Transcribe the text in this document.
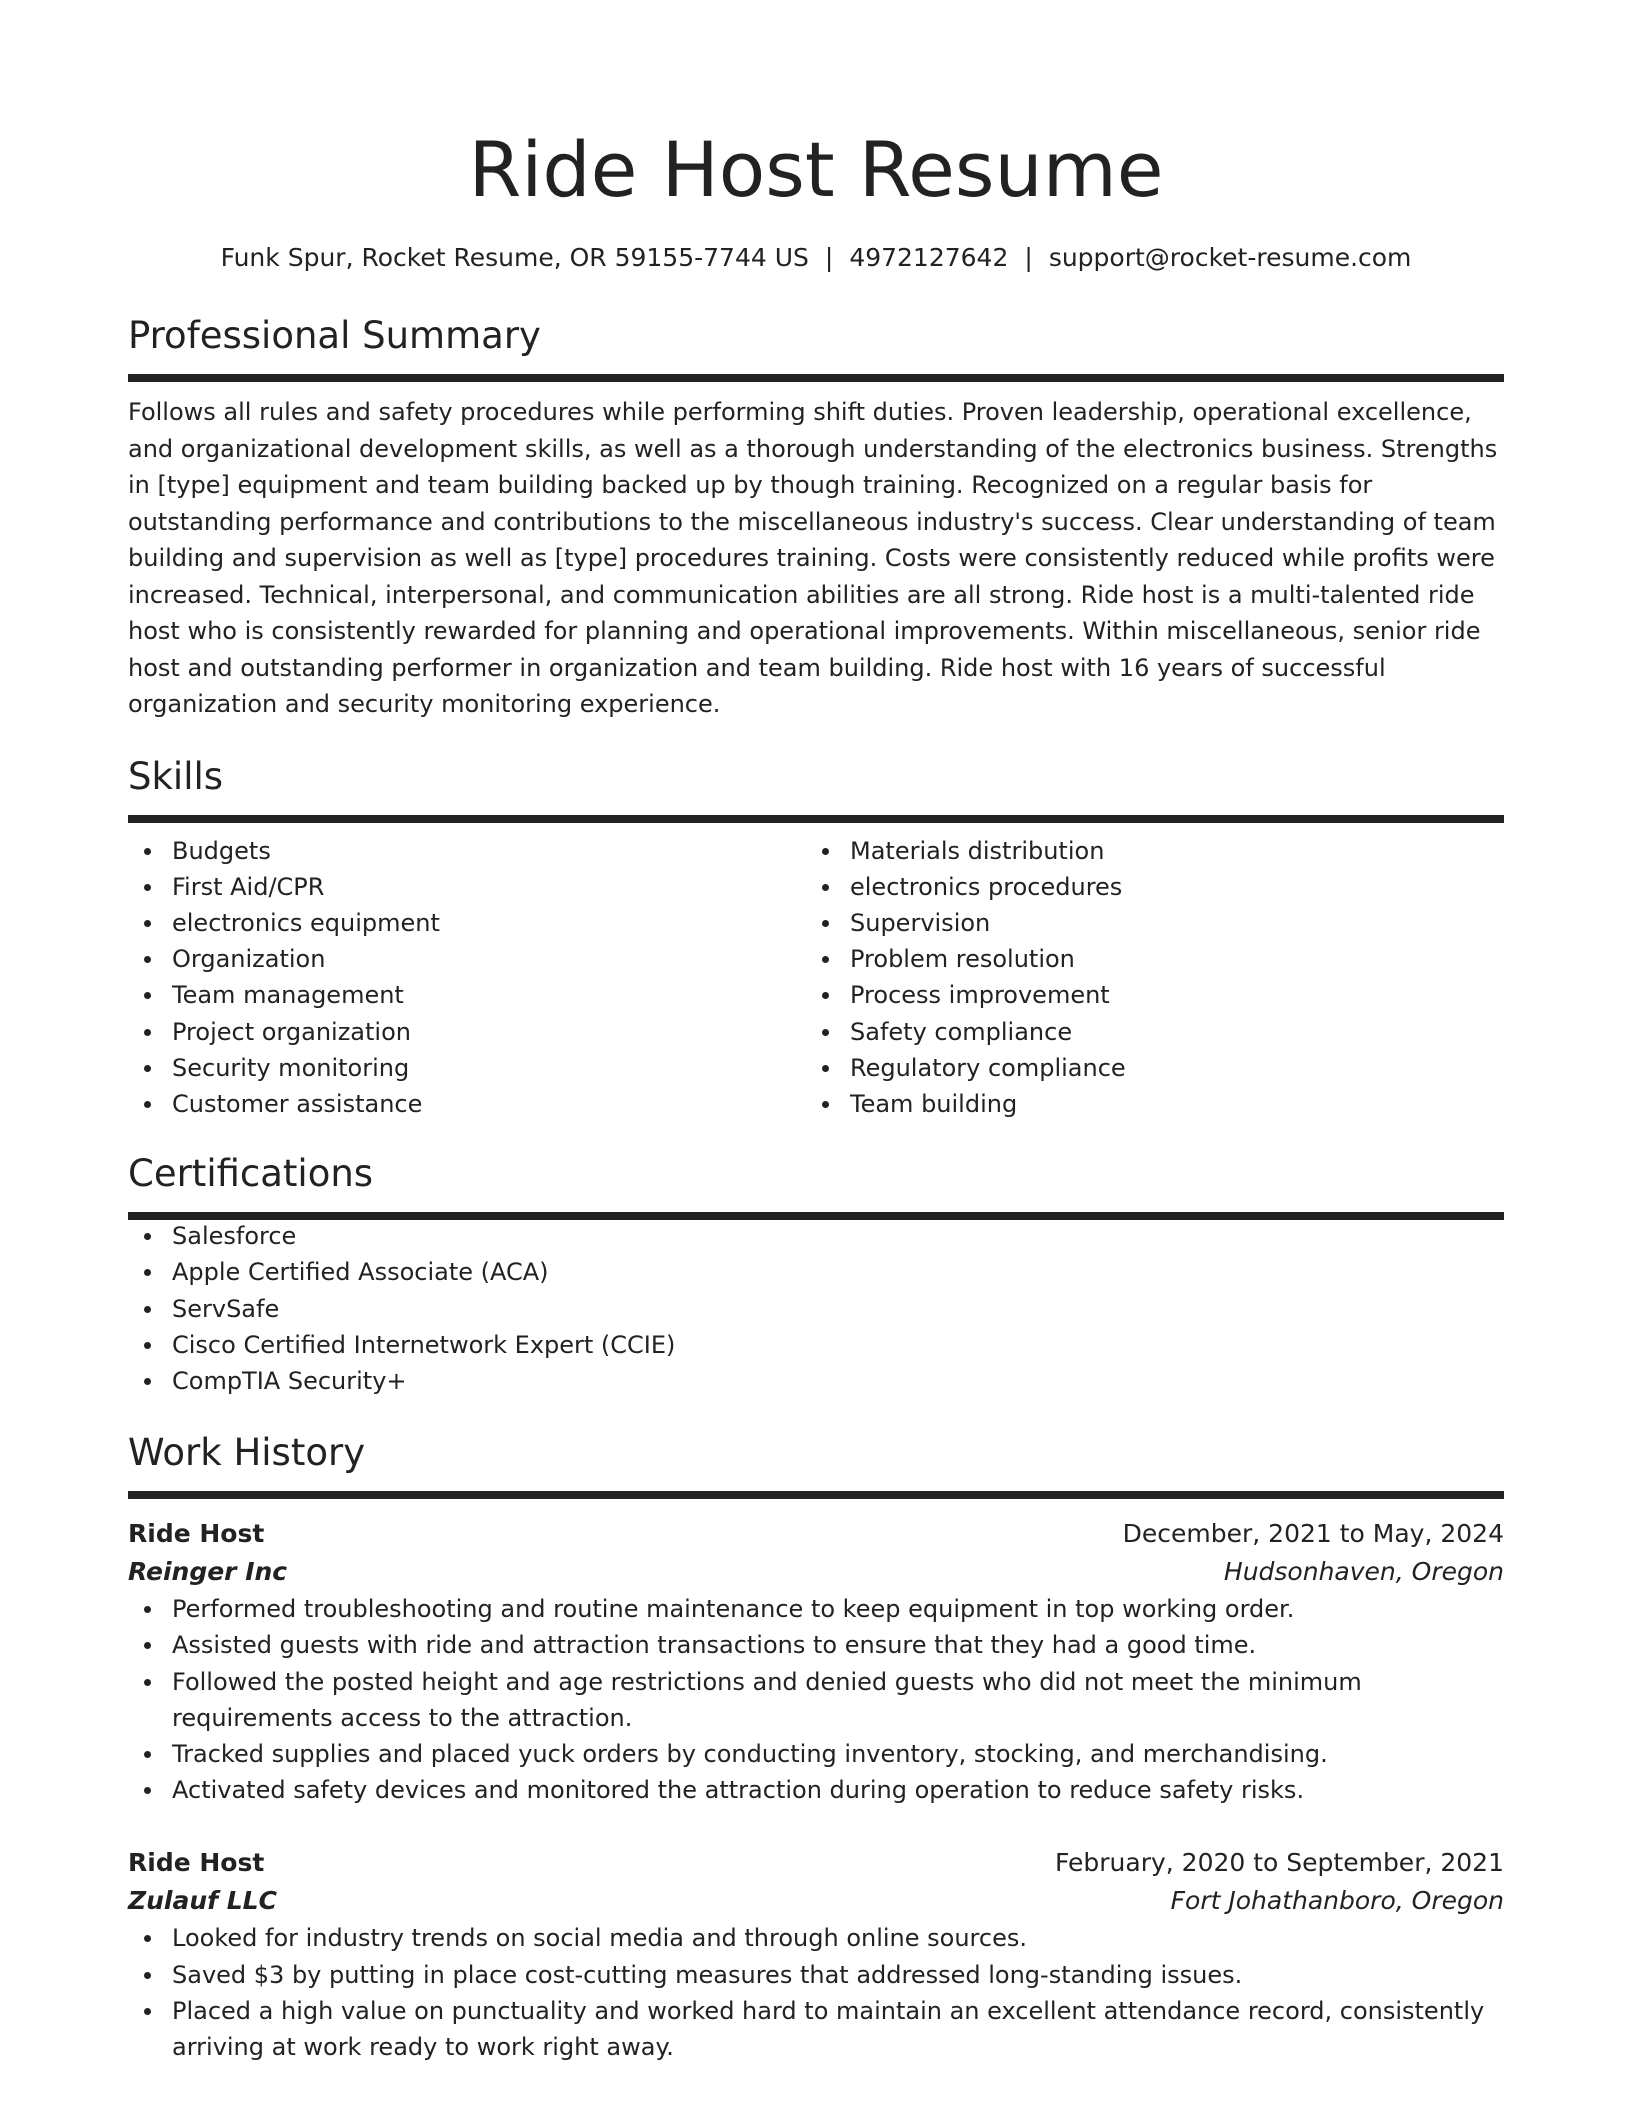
Ride Host Resume
Funk Spur, Rocket Resume, OR 59155-7744 US | 4972127642 | support@rocket-resume.com
Professional Summary

Follows all rules and safety procedures while performing shift duties. Proven leadership, operational excellence, and organizational development skills, as well as a thorough understanding of the electronics business. Strengths in [type] equipment and team building backed up by though training. Recognized on a regular basis for outstanding performance and contributions to the miscellaneous industry's success. Clear understanding of team building and supervision as well as [type] procedures training. Costs were consistently reduced while profits were increased. Technical, interpersonal, and communication abilities are all strong. Ride host is a multi-talented ride host who is consistently rewarded for planning and operational improvements. Within miscellaneous, senior ride host and outstanding performer in organization and team building. Ride host with 16 years of successful organization and security monitoring experience.

Skills
Budgets
First Aid/CPR
electronics equipment
Organization
Team management
Project organization
Security monitoring
Customer assistance
Materials distribution
electronics procedures
Supervision
Problem resolution
Process improvement
Safety compliance
Regulatory compliance
Team building
Certifications
Salesforce
Apple Certified Associate (ACA)
ServSafe
Cisco Certified Internetwork Expert (CCIE)
CompTIA Security+
Work History
Ride Host	December, 2021 to May, 2024
Reinger Inc	Hudsonhaven, Oregon
Performed troubleshooting and routine maintenance to keep equipment in top working order.
Assisted guests with ride and attraction transactions to ensure that they had a good time.
Followed the posted height and age restrictions and denied guests who did not meet the minimum requirements access to the attraction.
Tracked supplies and placed yuck orders by conducting inventory, stocking, and merchandising.
Activated safety devices and monitored the attraction during operation to reduce safety risks.
Ride Host	February, 2020 to September, 2021
Zulauf LLC	Fort Johathanboro, Oregon
Looked for industry trends on social media and through online sources.
Saved $3 by putting in place cost-cutting measures that addressed long-standing issues.
Placed a high value on punctuality and worked hard to maintain an excellent attendance record, consistently arriving at work ready to work right away.
